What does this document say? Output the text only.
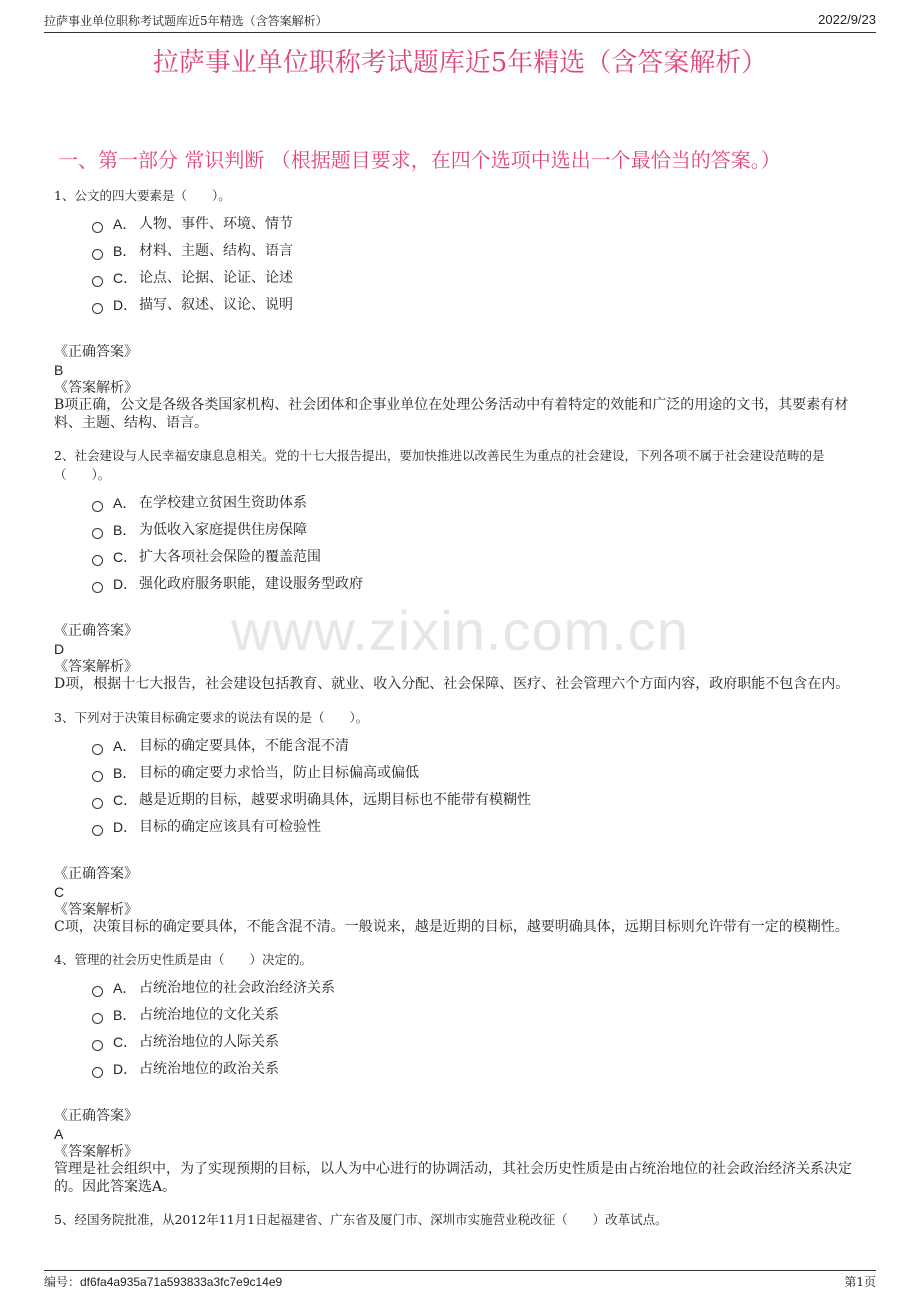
拉萨事业单位职称考试题库近5年精选（含答案解析）	2022/9/23
拉萨事业单位职称考试题库近5年精选（含答案解析）
一、第一部分 常识判断 （根据题目要求，在四个选项中选出一个最恰当的答案。）
www.zixin.com.cn

1、公文的四大要素是（　　）。

A． 人物、事件、环境、情节
B． 材料、主题、结构、语言
C． 论点、论据、论证、论述
D． 描写、叙述、议论、说明

《正确答案》

B

《答案解析》

B项正确，公文是各级各类国家机构、社会团体和企事业单位在处理公务活动中有着特定的效能和广泛的用途的文书，其要素有材料、主题、结构、语言。

2、社会建设与人民幸福安康息息相关。党的十七大报告提出，要加快推进以改善民生为重点的社会建设，下列各项不属于社会建设范畴的是（　　）。

A． 在学校建立贫困生资助体系
B． 为低收入家庭提供住房保障
C． 扩大各项社会保险的覆盖范围
D． 强化政府服务职能，建设服务型政府

《正确答案》

D

《答案解析》

D项，根据十七大报告，社会建设包括教育、就业、收入分配、社会保障、医疗、社会管理六个方面内容，政府职能不包含在内。

3、下列对于决策目标确定要求的说法有误的是（　　）。

A． 目标的确定要具体，不能含混不清
B． 目标的确定要力求恰当，防止目标偏高或偏低
C． 越是近期的目标，越要求明确具体，远期目标也不能带有模糊性
D． 目标的确定应该具有可检验性

《正确答案》

C

《答案解析》

C项，决策目标的确定要具体，不能含混不清。一般说来，越是近期的目标，越要明确具体，远期目标则允许带有一定的模糊性。

4、管理的社会历史性质是由（　　）决定的。

A． 占统治地位的社会政治经济关系
B． 占统治地位的文化关系
C． 占统治地位的人际关系
D． 占统治地位的政治关系

《正确答案》

A

《答案解析》

管理是社会组织中，为了实现预期的目标，以人为中心进行的协调活动，其社会历史性质是由占统治地位的社会政治经济关系决定的。因此答案选A。

5、经国务院批准，从2012年11月1日起福建省、广东省及厦门市、深圳市实施营业税改征（　　）改革试点。

编号：df6fa4a935a71a593833a3fc7e9c14e9	第1页
